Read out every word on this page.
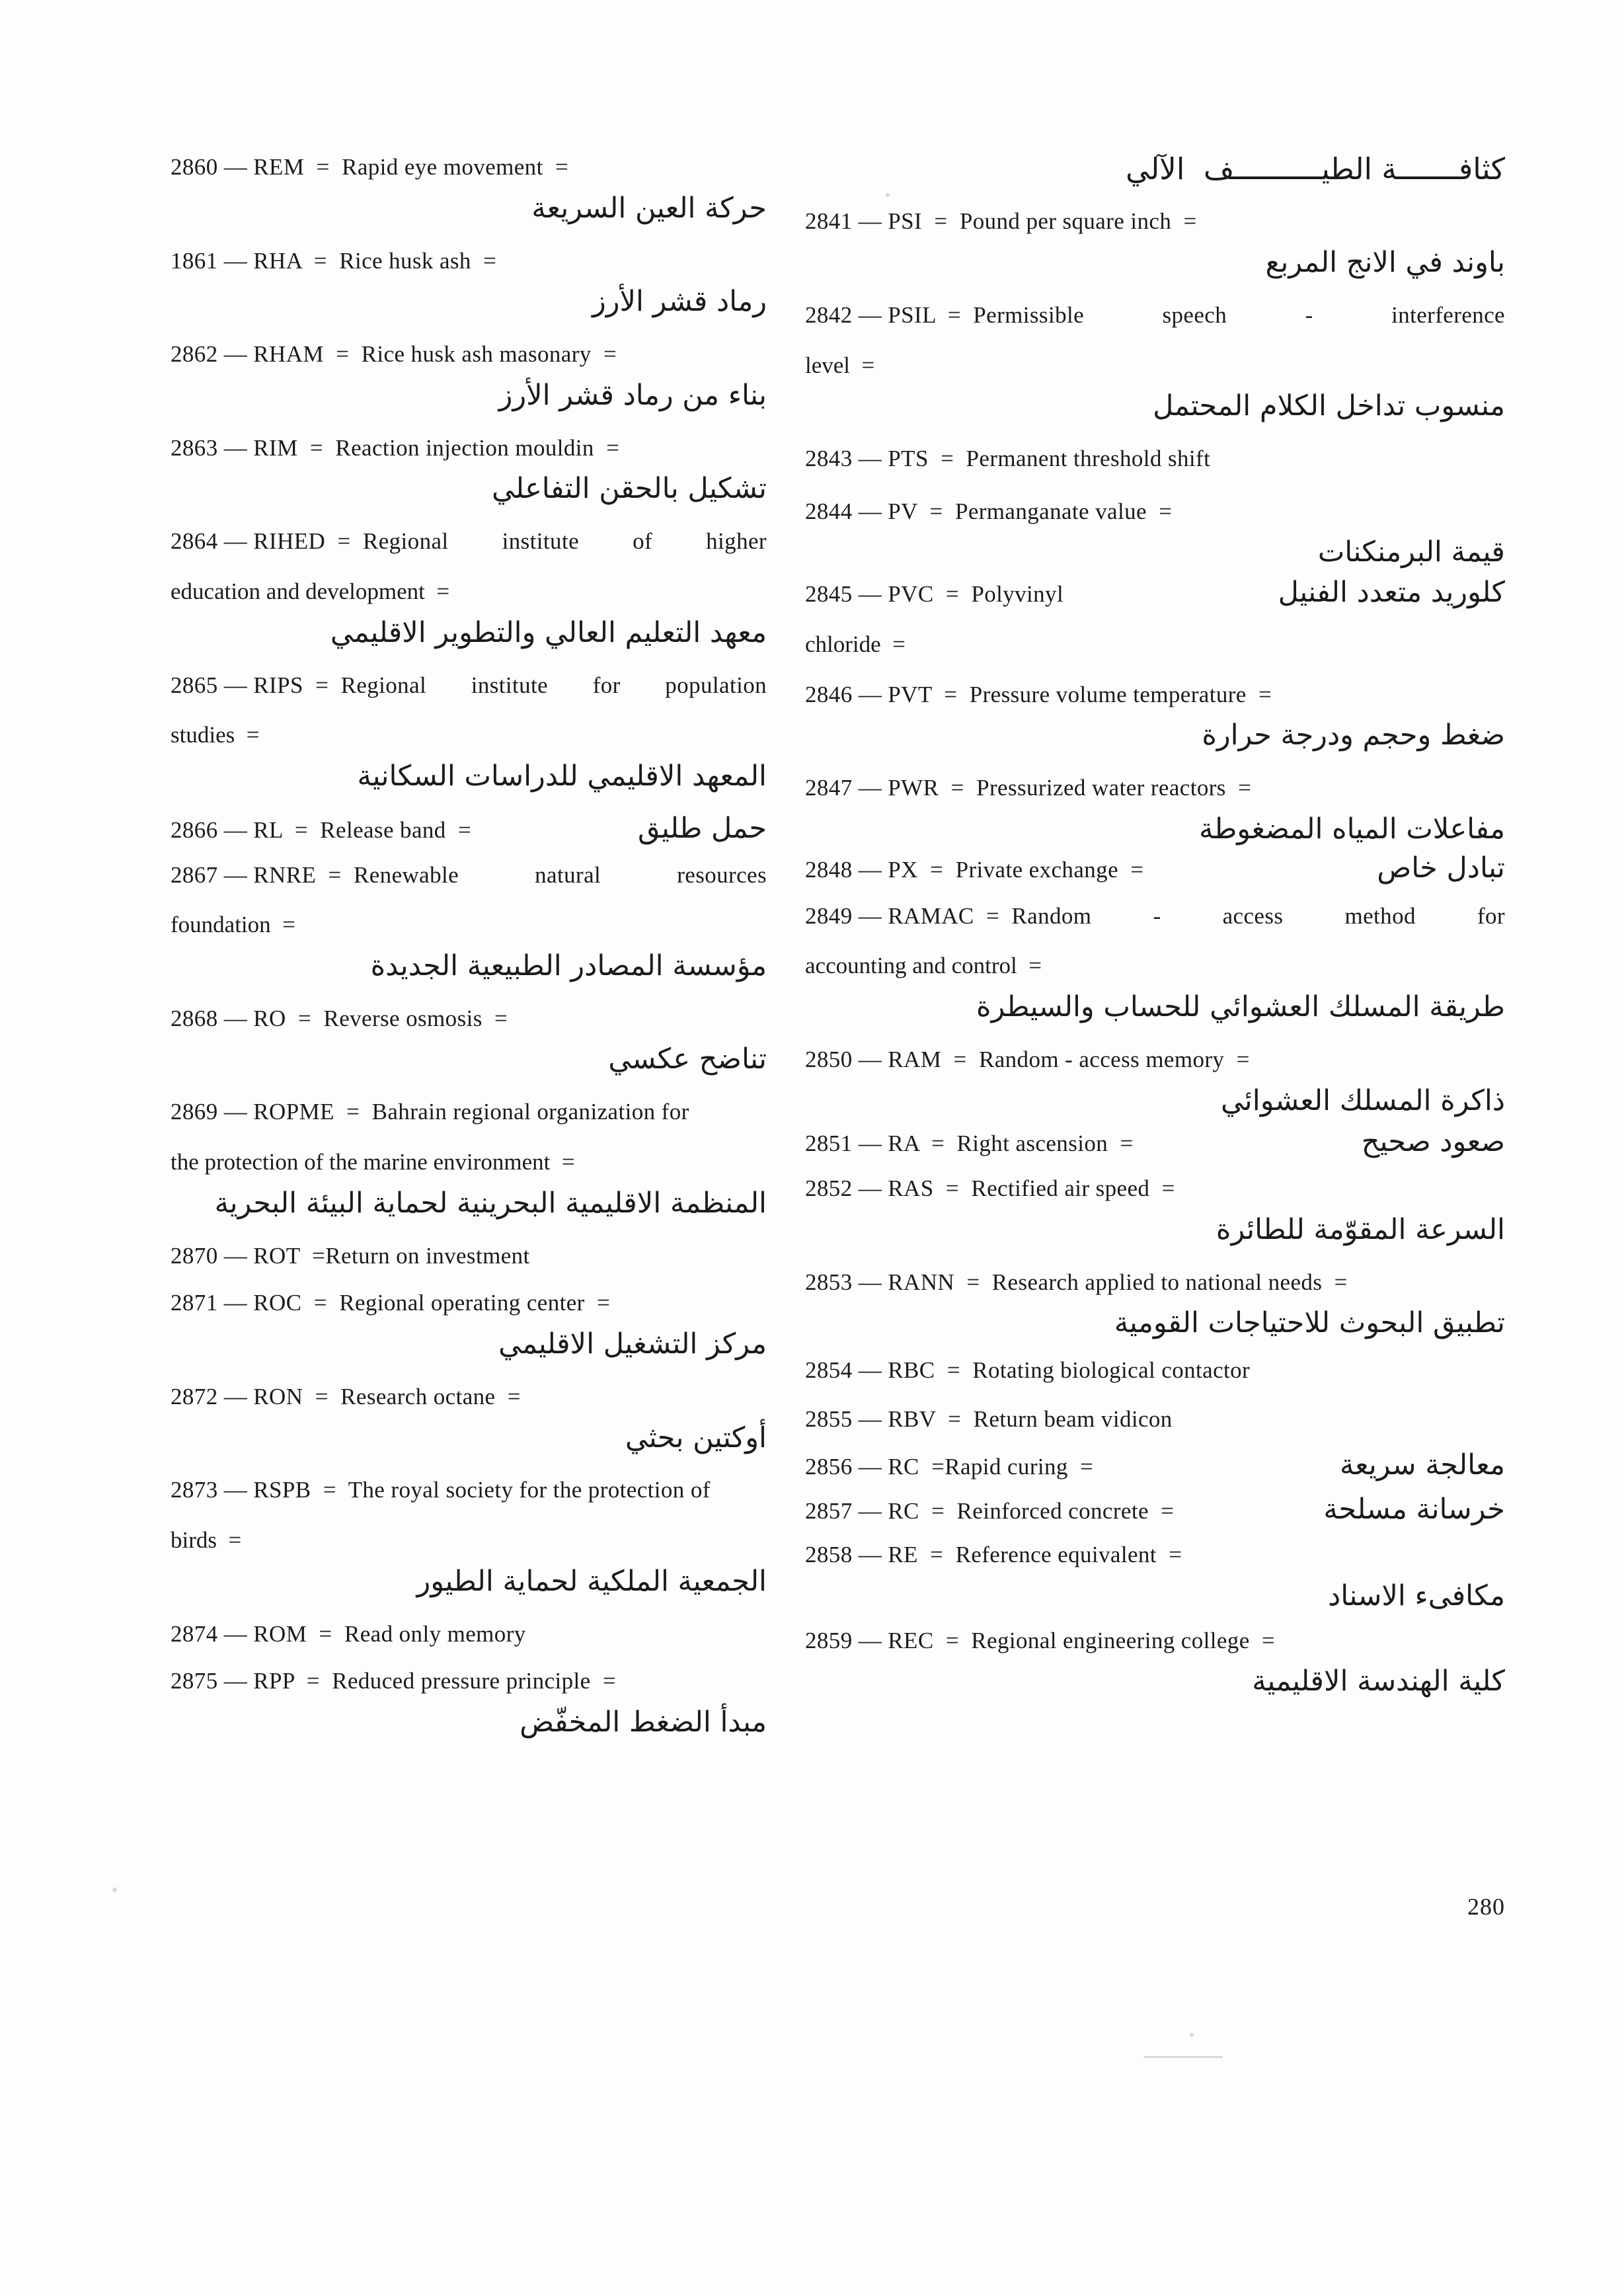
2860 — REM  =  Rapid eye movement  =
حركة العين السريعة
1861 — RHA  =  Rice husk ash  =
رماد قشر الأرز
2862 — RHAM  =  Rice husk ash masonary  =
بناء من رماد قشر الأرز
2863 — RIM  =  Reaction injection mouldin  =
تشكيل بالحقن التفاعلي
2864 — RIHED  =  Regional institute of higher
education and development  =
معهد التعليم العالي والتطوير الاقليمي
2865 — RIPS  =  Regional institute for population
studies  =
المعهد الاقليمي للدراسات السكانية
2866 — RL  =  Release band  =	حمل طليق
2867 — RNRE  =  Renewable	natural	resources
foundation  =
مؤسسة المصادر الطبيعية الجديدة
2868 — RO  =  Reverse osmosis  =
تناضح عكسي
2869 — ROPME  =  Bahrain regional organization for
the protection of the marine environment  =
المنظمة الاقليمية البحرينية لحماية البيئة البحرية
2870 — ROT  =Return on investment
2871 — ROC  =  Regional operating center  =
مركز التشغيل الاقليمي
2872 — RON  =  Research octane  =
أوكتين بحثي
2873 — RSPB  =  The royal society for the protection of
birds  =
الجمعية الملكية لحماية الطيور
2874 — ROM  =  Read only memory
2875 — RPP  =  Reduced pressure principle  =
مبدأ الضغط المخفّض
كثافـــــــة الطيــــــــــف  الآلي
2841 — PSI  =  Pound per square inch  =
باوند في الانج المربع
2842 — PSIL  =  Permissible	speech	-	interference
level  =
منسوب تداخل الكلام المحتمل
2843 — PTS  =  Permanent threshold shift
2844 — PV  =  Permanganate value  =
قيمة البرمنكنات
2845 — PVC  =  Polyvinyl	كلوريد متعدد الفنيل
chloride  =
2846 — PVT  =  Pressure volume temperature  =
ضغط وحجم ودرجة حرارة
2847 — PWR  =  Pressurized water reactors  =
مفاعلات المياه المضغوطة
2848 — PX  =  Private exchange  =	تبادل خاص
2849 — RAMAC  =  Random	-	access	method	for
accounting and control  =
طريقة المسلك العشوائي للحساب والسيطرة
2850 — RAM  =  Random - access memory  =
ذاكرة المسلك العشوائي
2851 — RA  =  Right ascension  =	صعود صحيح
2852 — RAS  =  Rectified air speed  =
السرعة المقوّمة للطائرة
2853 — RANN  =  Research applied to national needs  =
تطبيق البحوث للاحتياجات القومية
2854 — RBC  =  Rotating biological contactor
2855 — RBV  =  Return beam vidicon
2856 — RC  =Rapid curing  =	معالجة سريعة
2857 — RC  =  Reinforced concrete  =	خرسانة مسلحة
2858 — RE  =  Reference equivalent  =
مكافىء الاسناد
2859 — REC  =  Regional engineering college  =
كلية الهندسة الاقليمية
280
